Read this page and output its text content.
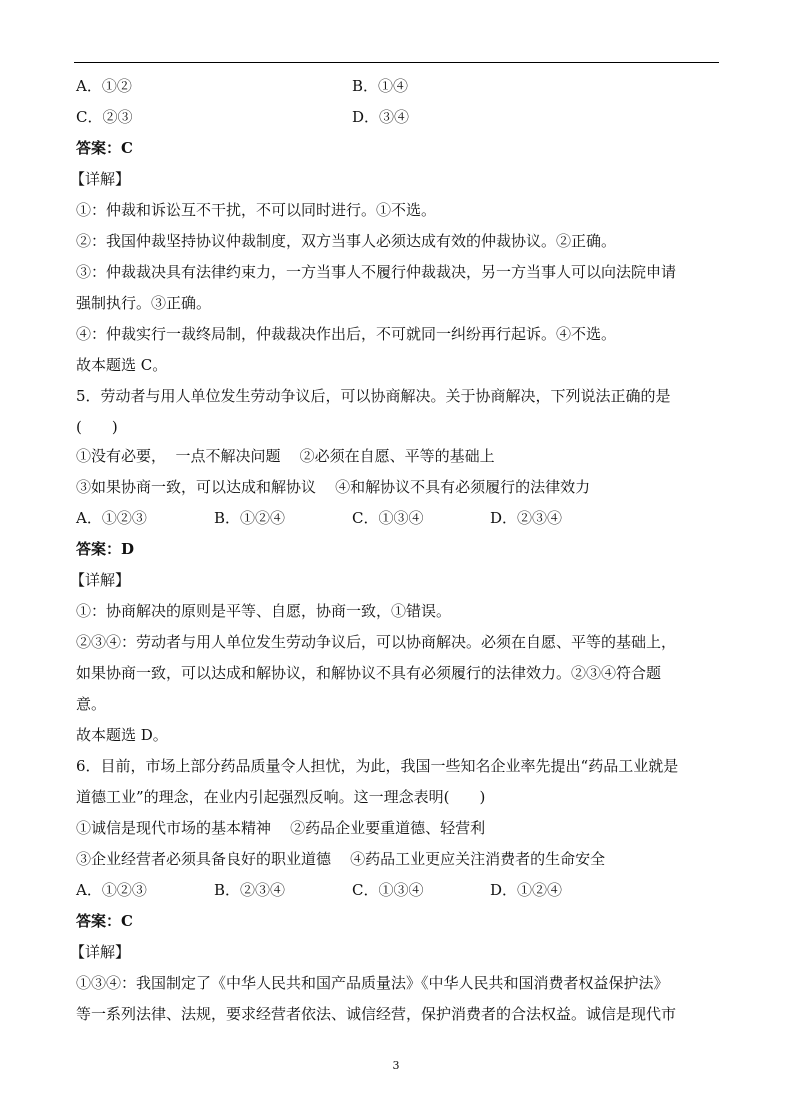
A．①②	B．①④
C．②③	D．③④
答案：C
【详解】
①：仲裁和诉讼互不干扰，不可以同时进行。①不选。
②：我国仲裁坚持协议仲裁制度，双方当事人必须达成有效的仲裁协议。②正确。
③：仲裁裁决具有法律约束力，一方当事人不履行仲裁裁决，另一方当事人可以向法院申请
强制执行。③正确。
④：仲裁实行一裁终局制，仲裁裁决作出后，不可就同一纠纷再行起诉。④不选。
故本题选 C。
5．劳动者与用人单位发生劳动争议后，可以协商解决。关于协商解决，下列说法正确的是
(　　)
①没有必要，  一点不解决问题    ②必须在自愿、平等的基础上
③如果协商一致，可以达成和解协议    ④和解协议不具有必须履行的法律效力
A．①②③	B．①②④	C．①③④	D．②③④
答案：D
【详解】
①：协商解决的原则是平等、自愿，协商一致，①错误。
②③④：劳动者与用人单位发生劳动争议后，可以协商解决。必须在自愿、平等的基础上，
如果协商一致，可以达成和解协议，和解协议不具有必须履行的法律效力。②③④符合题
意。
故本题选 D。
6．目前，市场上部分药品质量令人担忧，为此，我国一些知名企业率先提出“药品工业就是
道德工业”的理念，在业内引起强烈反响。这一理念表明(　　)
①诚信是现代市场的基本精神    ②药品企业要重道德、轻营利
③企业经营者必须具备良好的职业道德    ④药品工业更应关注消费者的生命安全
A．①②③	B．②③④	C．①③④	D．①②④
答案：C
【详解】
①③④：我国制定了《中华人民共和国产品质量法》《中华人民共和国消费者权益保护法》
等一系列法律、法规，要求经营者依法、诚信经营，保护消费者的合法权益。诚信是现代市
3
